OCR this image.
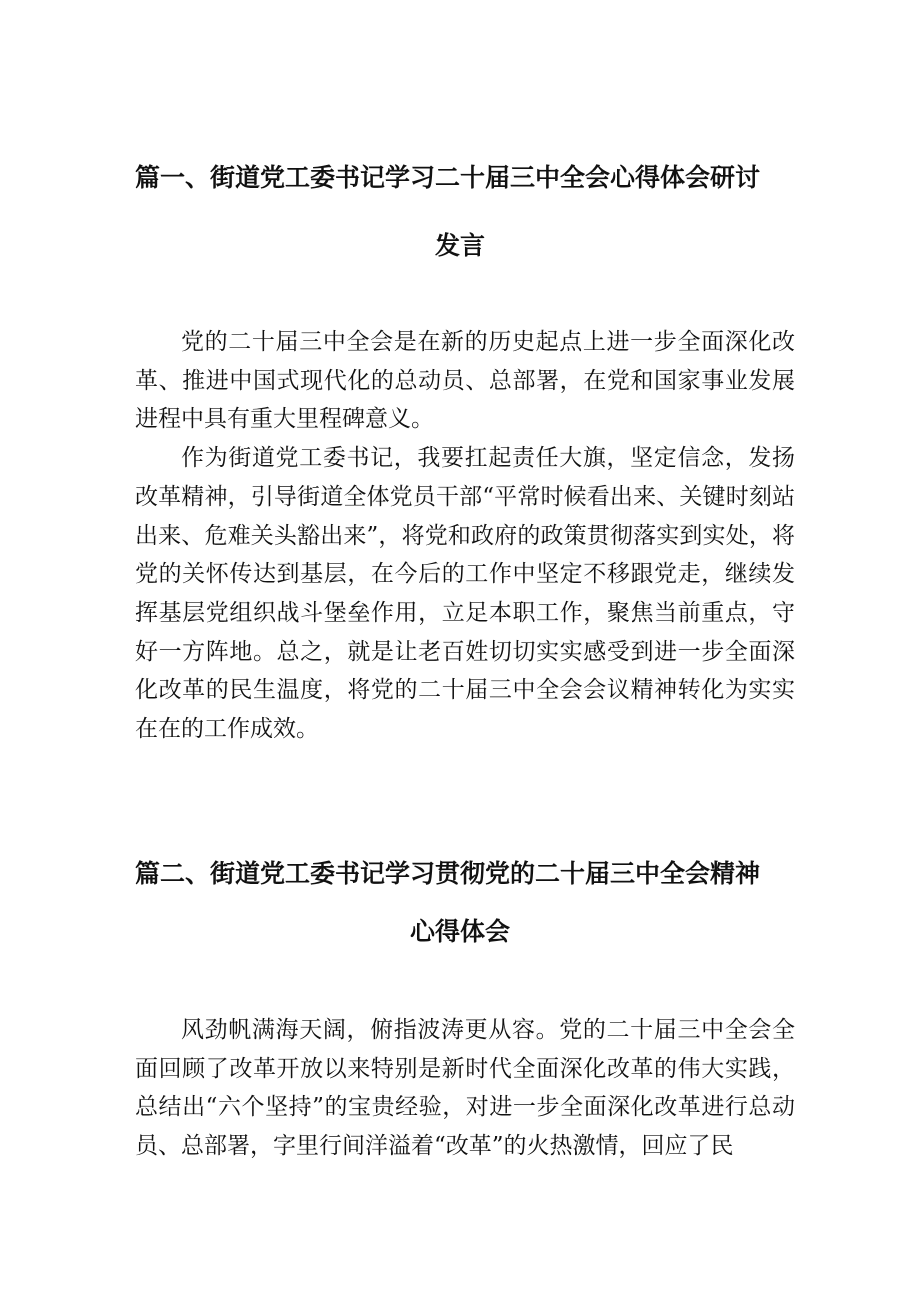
篇一、街道党工委书记学习二十届三中全会心得体会研讨
发言

党的二十届三中全会是在新的历史起点上进一步全面深化改革、推进中国式现代化的总动员、总部署，在党和国家事业发展进程中具有重大里程碑意义。

作为街道党工委书记，我要扛起责任大旗，坚定信念，发扬改革精神，引导街道全体党员干部“平常时候看出来、关键时刻站出来、危难关头豁出来”，将党和政府的政策贯彻落实到实处，将党的关怀传达到基层，在今后的工作中坚定不移跟党走，继续发挥基层党组织战斗堡垒作用，立足本职工作，聚焦当前重点，守好一方阵地。总之，就是让老百姓切切实实感受到进一步全面深化改革的民生温度，将党的二十届三中全会会议精神转化为实实在在的工作成效。

篇二、街道党工委书记学习贯彻党的二十届三中全会精神
心得体会

风劲帆满海天阔，俯指波涛更从容。党的二十届三中全会全面回顾了改革开放以来特别是新时代全面深化改革的伟大实践，总结出“六个坚持”的宝贵经验，对进一步全面深化改革进行总动员、总部署，字里行间洋溢着“改革”的火热激情，回应了民
